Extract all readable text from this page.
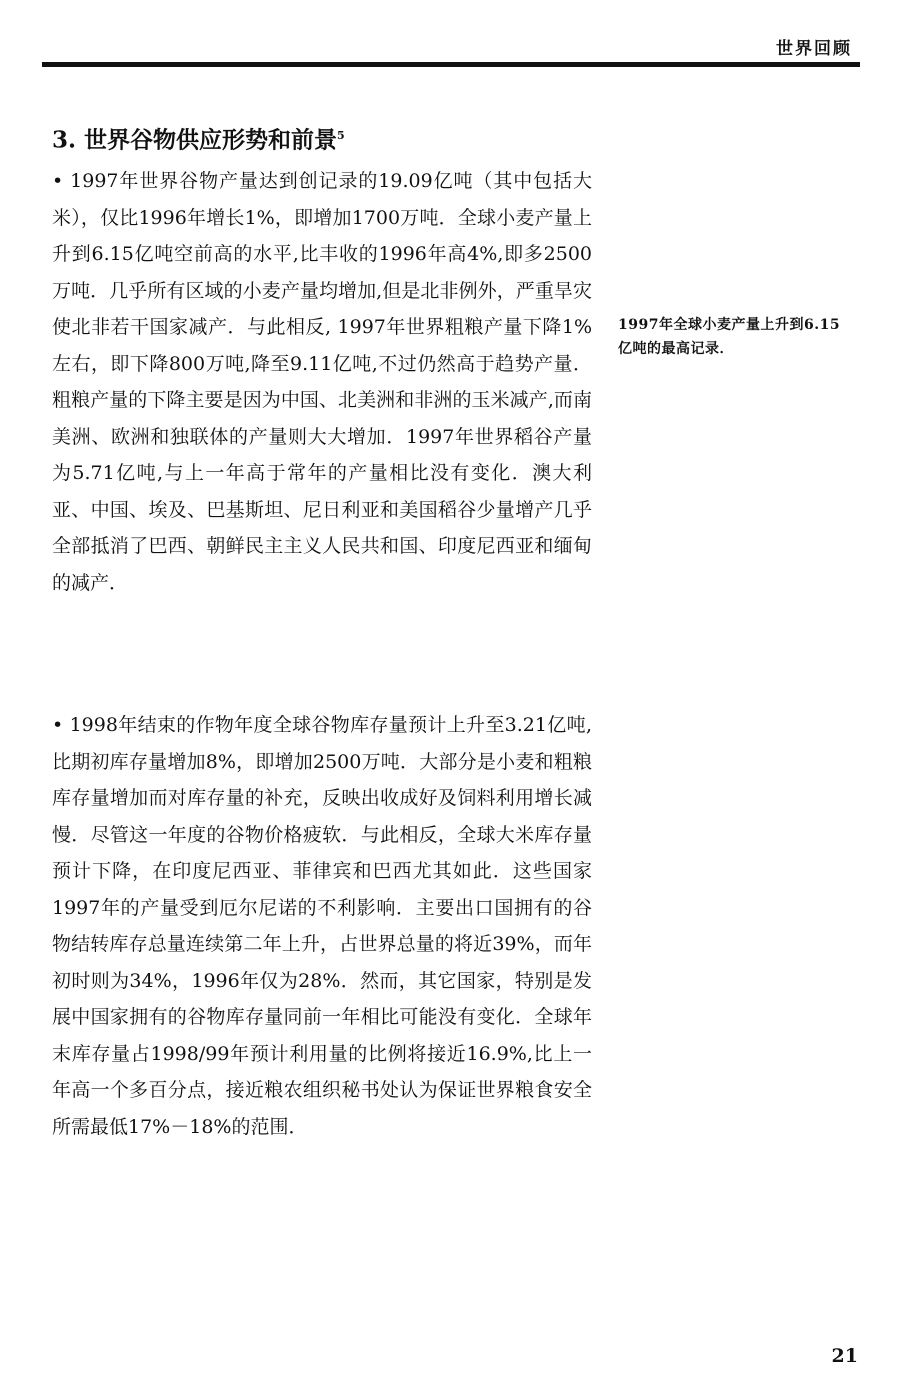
世界回顾
3. 世界谷物供应形势和前景$^5$

• 1997年世界谷物产量达到创记录的19.09亿吨（其中包括大米），仅比1996年增长1%，即增加1700万吨．全球小麦产量上升到6.15亿吨空前高的水平,比丰收的1996年高4%,即多2500万吨．几乎所有区域的小麦产量均增加,但是北非例外，严重旱灾使北非若干国家减产．与此相反, 1997年世界粗粮产量下降1%左右，即下降800万吨,降至9.11亿吨,不过仍然高于趋势产量．粗粮产量的下降主要是因为中国、北美洲和非洲的玉米减产,而南美洲、欧洲和独联体的产量则大大增加．1997年世界稻谷产量为5.71亿吨,与上一年高于常年的产量相比没有变化．澳大利亚、中国、埃及、巴基斯坦、尼日利亚和美国稻谷少量增产几乎全部抵消了巴西、朝鲜民主主义人民共和国、印度尼西亚和缅甸的减产．

• 1998年结束的作物年度全球谷物库存量预计上升至3.21亿吨, 比期初库存量增加8%，即增加2500万吨．大部分是小麦和粗粮库存量增加而对库存量的补充，反映出收成好及饲料利用增长减慢．尽管这一年度的谷物价格疲软．与此相反，全球大米库存量预计下降，在印度尼西亚、菲律宾和巴西尤其如此．这些国家1997年的产量受到厄尔尼诺的不利影响．主要出口国拥有的谷物结转库存总量连续第二年上升，占世界总量的将近39%，而年初时则为34%，1996年仅为28%．然而，其它国家，特别是发展中国家拥有的谷物库存量同前一年相比可能没有变化．全球年末库存量占1998/99年预计利用量的比例将接近16.9%,比上一年高一个多百分点，接近粮农组织秘书处认为保证世界粮食安全所需最低17%－18%的范围．

1997年全球小麦产量上升到6.15亿吨的最高记录．
21
